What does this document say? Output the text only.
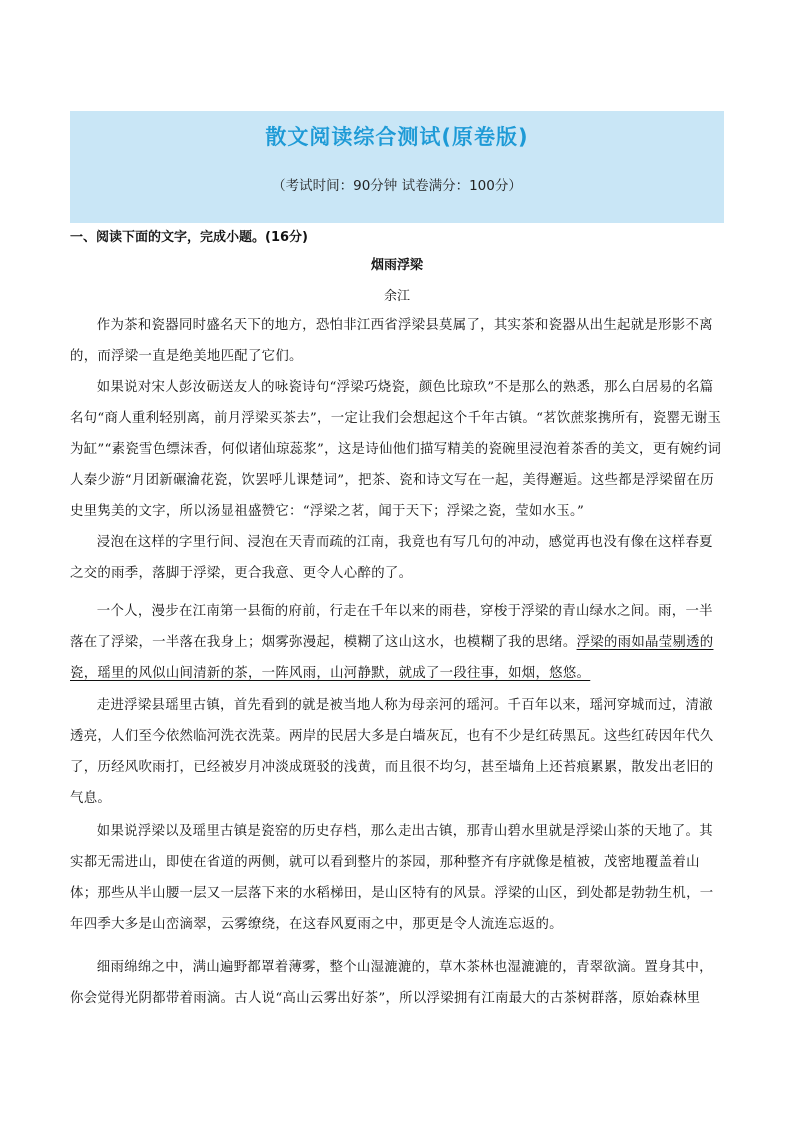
散文阅读综合测试(原卷版)
（考试时间：90分钟 试卷满分：100分）
一、阅读下面的文字，完成小题。(16分)
烟雨浮梁
余江

作为茶和瓷器同时盛名天下的地方，恐怕非江西省浮梁县莫属了，其实茶和瓷器从出生起就是形影不离的，而浮梁一直是绝美地匹配了它们。

如果说对宋人彭汝砺送友人的咏瓷诗句“浮梁巧烧瓷，颜色比琼玖”不是那么的熟悉，那么白居易的名篇名句“商人重利轻别离，前月浮梁买茶去”，一定让我们会想起这个千年古镇。“茗饮蔗浆携所有，瓷罂无谢玉为缸”“素瓷雪色缥沫香，何似诸仙琼蕊浆”，这是诗仙他们描写精美的瓷碗里浸泡着茶香的美文，更有婉约词人秦少游“月团新碾瀹花瓷，饮罢呼儿课楚词”，把茶、瓷和诗文写在一起，美得邂逅。这些都是浮梁留在历史里隽美的文字，所以汤显祖盛赞它：“浮梁之茗，闻于天下；浮梁之瓷，莹如水玉。”

浸泡在这样的字里行间、浸泡在天青而疏的江南，我竟也有写几句的冲动，感觉再也没有像在这样春夏之交的雨季，落脚于浮梁，更合我意、更令人心醉的了。

一个人，漫步在江南第一县衙的府前，行走在千年以来的雨巷，穿梭于浮梁的青山绿水之间。雨，一半落在了浮梁，一半落在我身上；烟雾弥漫起，模糊了这山这水，也模糊了我的思绪。浮梁的雨如晶莹剔透的瓷，瑶里的风似山间清新的茶，一阵风雨，山河静默，就成了一段往事，如烟，悠悠。

走进浮梁县瑶里古镇，首先看到的就是被当地人称为母亲河的瑶河。千百年以来，瑶河穿城而过，清澈透亮，人们至今依然临河洗衣洗菜。两岸的民居大多是白墙灰瓦，也有不少是红砖黑瓦。这些红砖因年代久了，历经风吹雨打，已经被岁月冲淡成斑驳的浅黄，而且很不均匀，甚至墙角上还苔痕累累，散发出老旧的气息。

如果说浮梁以及瑶里古镇是瓷窑的历史存档，那么走出古镇，那青山碧水里就是浮梁山茶的天地了。其实都无需进山，即使在省道的两侧，就可以看到整片的茶园，那种整齐有序就像是植被，茂密地覆盖着山体；那些从半山腰一层又一层落下来的水稻梯田，是山区特有的风景。浮梁的山区，到处都是勃勃生机，一年四季大多是山峦滴翠，云雾缭绕，在这春风夏雨之中，那更是令人流连忘返的。

细雨绵绵之中，满山遍野都罩着薄雾，整个山湿漉漉的，草木茶林也湿漉漉的，青翠欲滴。置身其中，你会觉得光阴都带着雨滴。古人说“高山云雾出好茶”，所以浮梁拥有江南最大的古茶树群落，原始森林里
